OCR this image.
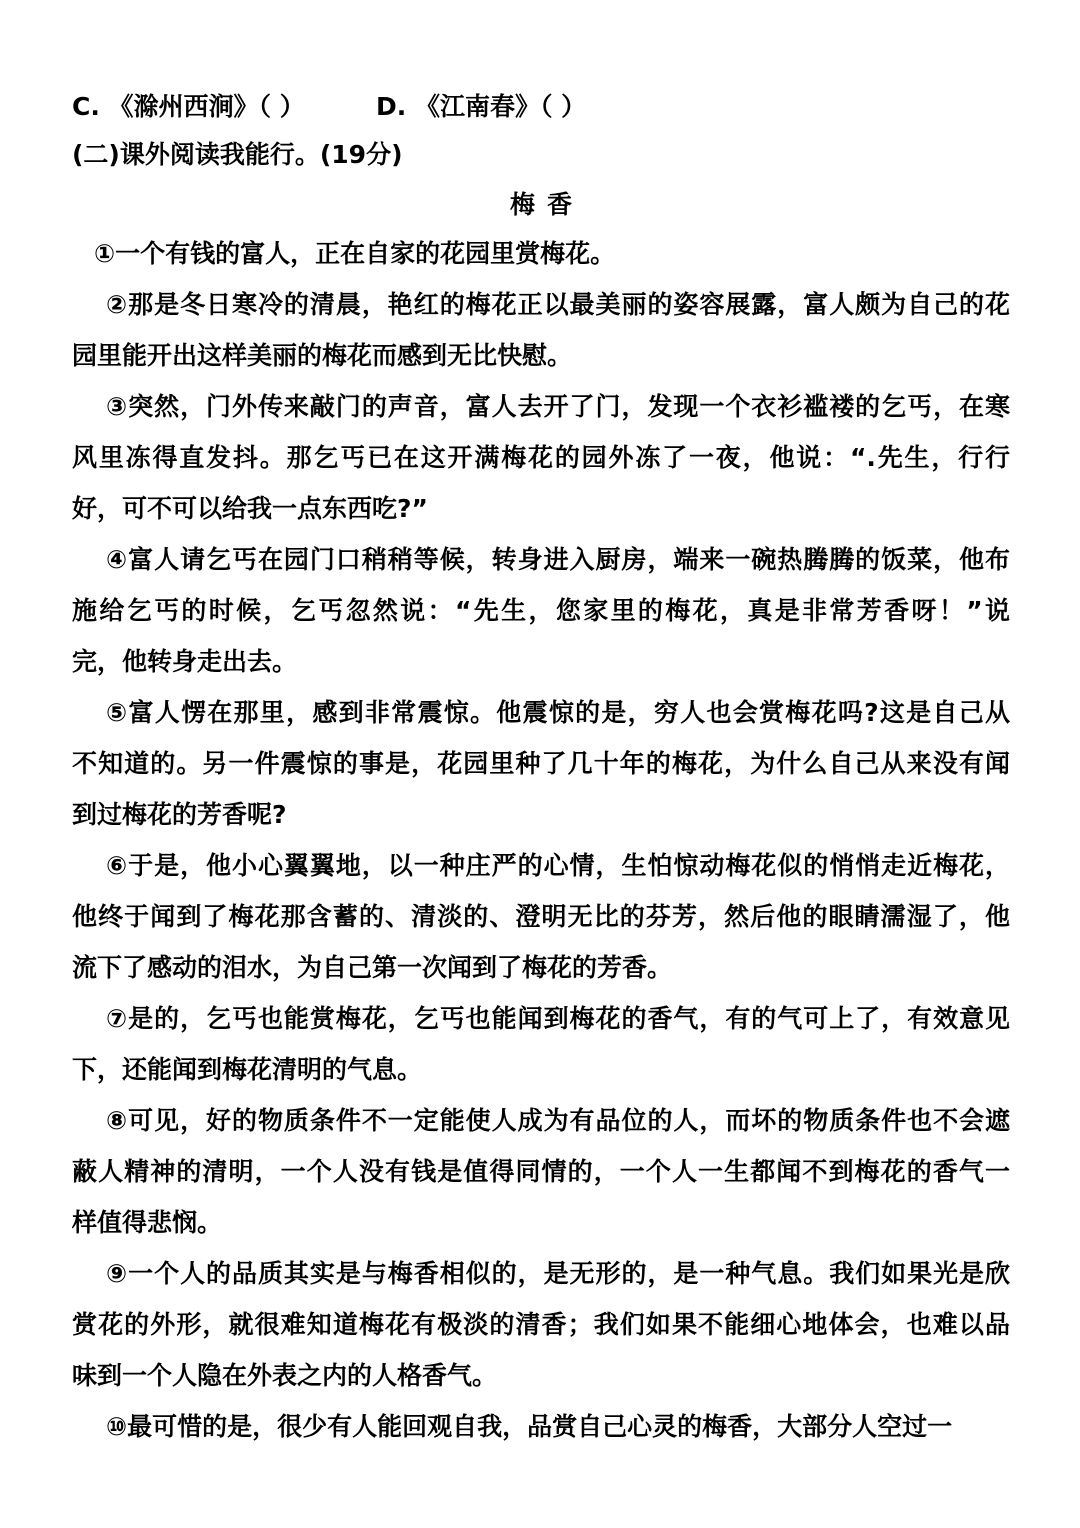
C. 《滁州西涧》（ ）	D. 《江南春》（ ）
(二)课外阅读我能行。(19分)
梅香
①一个有钱的富人，正在自家的花园里赏梅花。
②那是冬日寒冷的清晨，艳红的梅花正以最美丽的姿容展露，富人颇为自己的花
园里能开出这样美丽的梅花而感到无比快慰。
③突然，门外传来敲门的声音，富人去开了门，发现一个衣衫褴褛的乞丐，在寒
风里冻得直发抖。那乞丐已在这开满梅花的园外冻了一夜，他说：“.先生，行行
好，可不可以给我一点东西吃?”
④富人请乞丐在园门口稍稍等候，转身进入厨房，端来一碗热腾腾的饭菜，他布
施给乞丐的时候，乞丐忽然说：“先生，您家里的梅花，真是非常芳香呀！”说
完，他转身走出去。
⑤富人愣在那里，感到非常震惊。他震惊的是，穷人也会赏梅花吗?这是自己从
不知道的。另一件震惊的事是，花园里种了几十年的梅花，为什么自己从来没有闻
到过梅花的芳香呢?
⑥于是，他小心翼翼地，以一种庄严的心情，生怕惊动梅花似的悄悄走近梅花，
他终于闻到了梅花那含蓄的、清淡的、澄明无比的芬芳，然后他的眼睛濡湿了，他
流下了感动的泪水，为自己第一次闻到了梅花的芳香。
⑦是的，乞丐也能赏梅花，乞丐也能闻到梅花的香气，有的气可上了，有效意见
下，还能闻到梅花清明的气息。
⑧可见，好的物质条件不一定能使人成为有品位的人，而坏的物质条件也不会遮
蔽人精神的清明，一个人没有钱是值得同情的，一个人一生都闻不到梅花的香气一
样值得悲悯。
⑨一个人的品质其实是与梅香相似的，是无形的，是一种气息。我们如果光是欣
赏花的外形，就很难知道梅花有极淡的清香；我们如果不能细心地体会，也难以品
味到一个人隐在外表之内的人格香气。
⑩最可惜的是，很少有人能回观自我，品赏自己心灵的梅香，大部分人空过一
